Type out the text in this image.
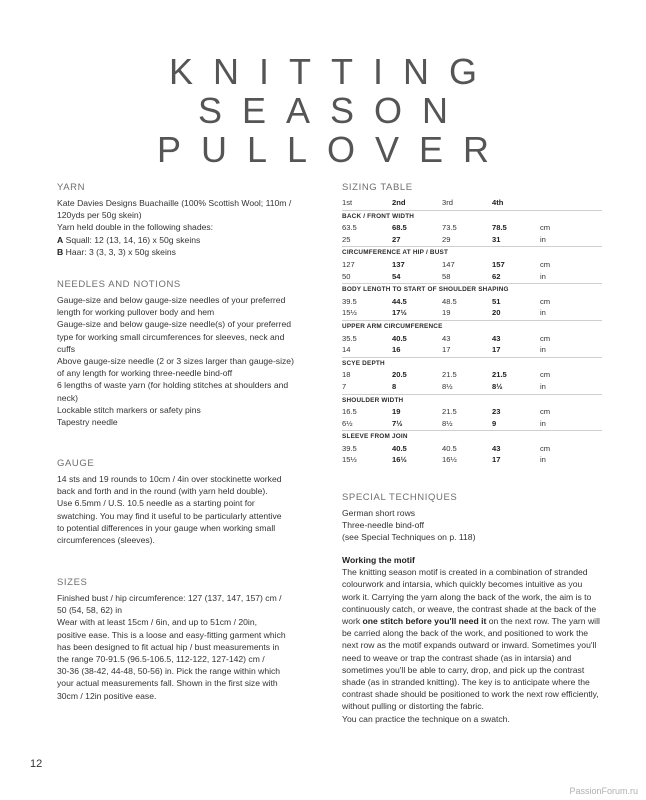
KNITTING
SEASON
PULLOVER
YARN

Kate Davies Designs Buachaille (100% Scottish Wool; 110m /
120yds per 50g skein)
Yarn held double in the following shades:
A Squall: 12 (13, 14, 16) x 50g skeins
B Haar: 3 (3, 3, 3) x 50g skeins

NEEDLES AND NOTIONS

Gauge-size and below gauge-size needles of your preferred
length for working pullover body and hem
Gauge-size and below gauge-size needle(s) of your preferred
type for working small circumferences for sleeves, neck and
cuffs
Above gauge-size needle (2 or 3 sizes larger than gauge-size)
of any length for working three-needle bind-off
6 lengths of waste yarn (for holding stitches at shoulders and
neck)
Lockable stitch markers or safety pins
Tapestry needle

GAUGE

14 sts and 19 rounds to 10cm / 4in over stockinette worked
back and forth and in the round (with yarn held double).
Use 6.5mm / U.S. 10.5 needle as a starting point for
swatching. You may find it useful to be particularly attentive
to potential differences in your gauge when working small
circumferences (sleeves).

SIZES

Finished bust / hip circumference: 127 (137, 147, 157) cm /
50 (54, 58, 62) in
Wear with at least 15cm / 6in, and up to 51cm / 20in,
positive ease. This is a loose and easy-fitting garment which
has been designed to fit actual hip / bust measurements in
the range 70-91.5 (96.5-106.5, 112-122, 127-142) cm /
30-36 (38-42, 44-48, 50-56) in. Pick the range within which
your actual measurements fall. Shown in the first size with
30cm / 12in positive ease.

SIZING TABLE
1st	2nd	3rd	4th
BACK / FRONT WIDTH
63.5	68.5	73.5	78.5	cm
25	27	29	31	in
CIRCUMFERENCE AT HIP / BUST
127	137	147	157	cm
50	54	58	62	in
BODY LENGTH TO START OF SHOULDER SHAPING
39.5	44.5	48.5	51	cm
15½	17½	19	20	in
UPPER ARM CIRCUMFERENCE
35.5	40.5	43	43	cm
14	16	17	17	in
SCYE DEPTH
18	20.5	21.5	21.5	cm
7	8	8½	8½	in
SHOULDER WIDTH
16.5	19	21.5	23	cm
6½	7½	8½	9	in
SLEEVE FROM JOIN
39.5	40.5	40.5	43	cm
15½	16½	16½	17	in
SPECIAL TECHNIQUES

German short rows
Three-needle bind-off
(see Special Techniques on p. 118)

Working the motif

The knitting season motif is created in a combination of stranded colourwork and intarsia, which quickly becomes intuitive as you work it. Carrying the yarn along the back of the work, the aim is to continuously catch, or weave, the contrast shade at the back of the work one stitch before you'll need it on the next row. The yarn will be carried along the back of the work, and positioned to work the next row as the motif expands outward or inward. Sometimes you'll need to weave or trap the contrast shade (as in intarsia) and sometimes you'll be able to carry, drop, and pick up the contrast shade (as in stranded knitting). The key is to anticipate where the contrast shade should be positioned to work the next row efficiently, without pulling or distorting the fabric.

You can practice the technique on a swatch.

12
PassionForum.ru
